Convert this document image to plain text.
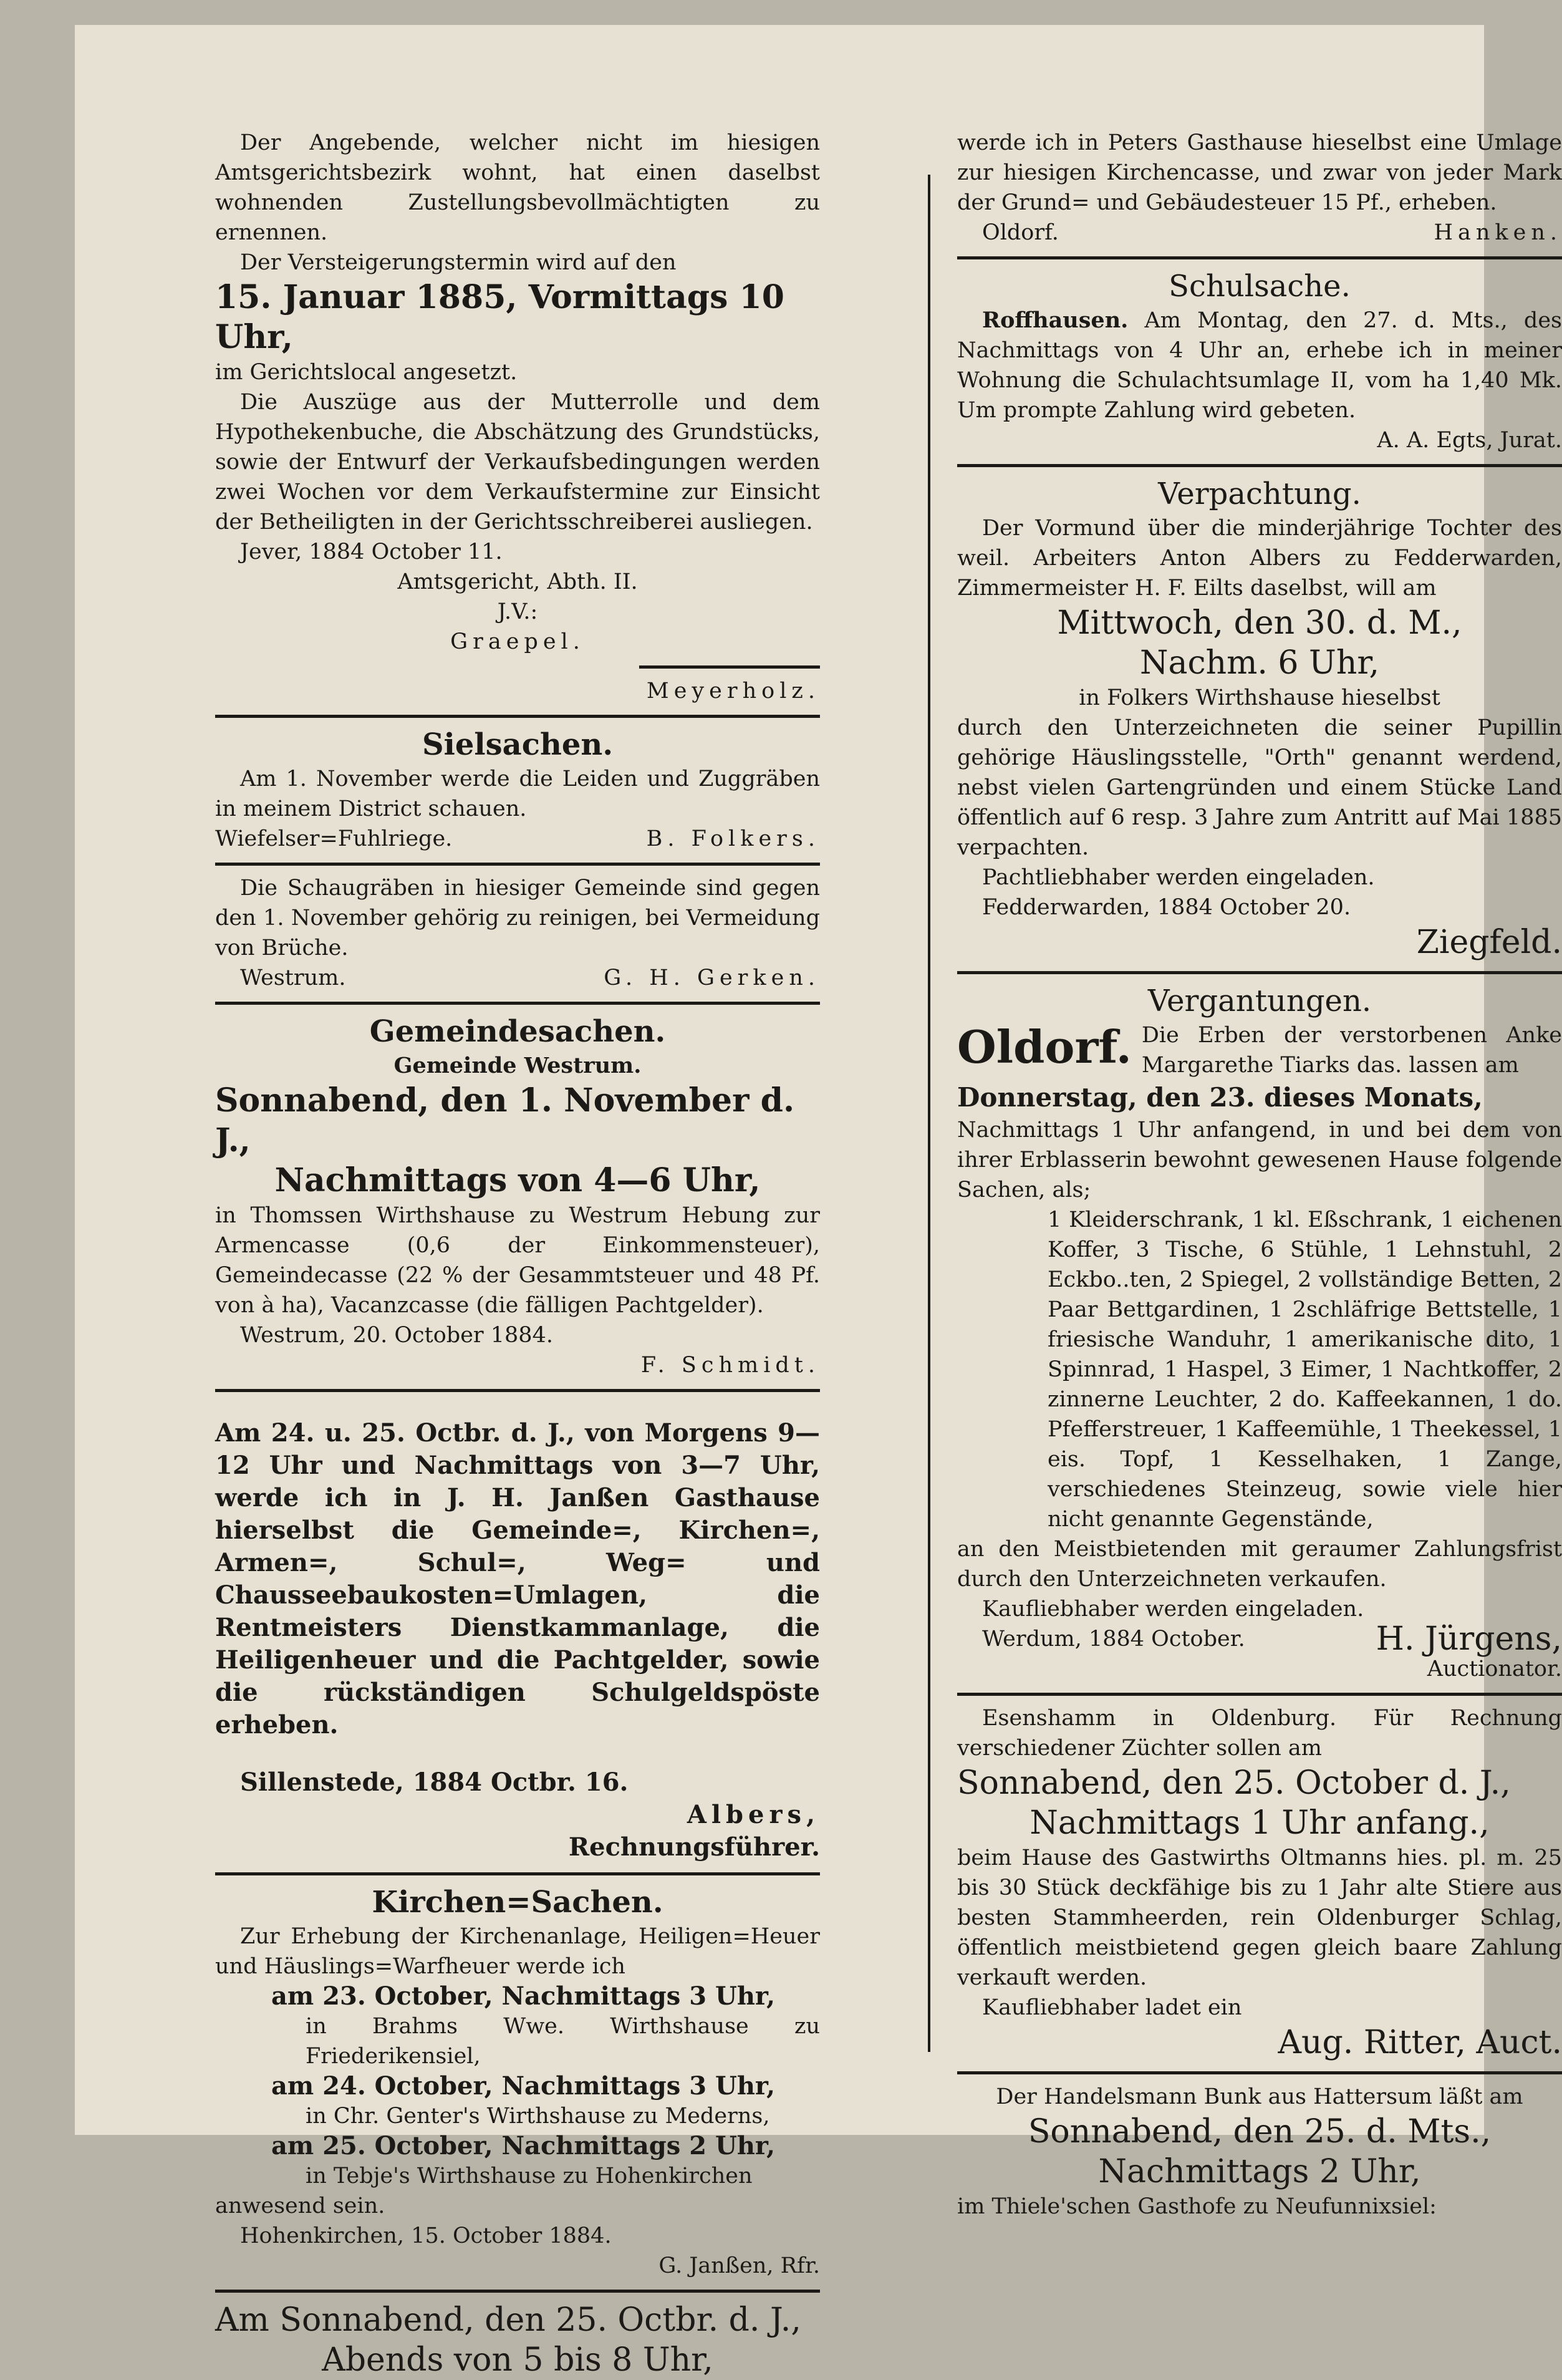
Der Angebende, welcher nicht im hiesigen Amtsgerichtsbezirk wohnt, hat einen daselbst wohnenden Zustellungsbevollmächtigten zu ernennen.

Der Versteigerungstermin wird auf den

15. Januar 1885, Vormittags 10 Uhr,

im Gerichtslocal angesetzt.

Die Auszüge aus der Mutterrolle und dem Hypothekenbuche, die Abschätzung des Grundstücks, sowie der Entwurf der Verkaufsbedingungen werden zwei Wochen vor dem Verkaufstermine zur Einsicht der Betheiligten in der Gerichtsschreiberei ausliegen.

Jever, 1884 October 11.
Amtsgericht, Abth. II.
J.V.:
Graepel.
Meyerholz.
Sielsachen.

Am 1. November werde die Leiden und Zuggräben in meinem District schauen.

Wiefelser=Fuhlriege.	B. Folkers.

Die Schaugräben in hiesiger Gemeinde sind gegen den 1. November gehörig zu reinigen, bei Vermeidung von Brüche.

Westrum.	G. H. Gerken.
Gemeindesachen.
Gemeinde Westrum.
Sonnabend, den 1. November d. J.,
Nachmittags von 4—6 Uhr,

in Thomssen Wirthshause zu Westrum Hebung zur Armencasse (0,6 der Einkommensteuer), Gemeindecasse (22 % der Gesammtsteuer und 48 Pf. von à ha), Vacanzcasse (die fälligen Pachtgelder).

Westrum, 20. October 1884.
F. Schmidt.

Am 24. u. 25. Octbr. d. J., von Morgens 9—12 Uhr und Nachmittags von 3—7 Uhr, werde ich in J. H. Janßen Gasthause hierselbst die Gemeinde=, Kirchen=, Armen=, Schul=, Weg= und Chausseebaukosten=Umlagen, die Rentmeisters Dienstkammanlage, die Heiligenheuer und die Pachtgelder, sowie die rückständigen Schulgeldspöste erheben.

Sillenstede, 1884 Octbr. 16.
Albers,
Rechnungsführer.
Kirchen=Sachen.

Zur Erhebung der Kirchenanlage, Heiligen=Heuer und Häuslings=Warfheuer werde ich

am 23. October, Nachmittags 3 Uhr,
in Brahms Wwe. Wirthshause zu Friederikensiel,
am 24. October, Nachmittags 3 Uhr,
in Chr. Genter's Wirthshause zu Mederns,
am 25. October, Nachmittags 2 Uhr,
in Tebje's Wirthshause zu Hohenkirchen
anwesend sein.
Hohenkirchen, 15. October 1884.
G. Janßen, Rfr.
Am Sonnabend, den 25. Octbr. d. J.,
Abends von 5 bis 8 Uhr,

werde ich in Peters Gasthause hieselbst eine Umlage zur hiesigen Kirchencasse, und zwar von jeder Mark der Grund= und Gebäudesteuer 15 Pf., erheben.

Oldorf.	Hanken.
Schulsache.

Roffhausen. Am Montag, den 27. d. Mts., des Nachmittags von 4 Uhr an, erhebe ich in meiner Wohnung die Schulachtsumlage II, vom ha 1,40 Mk. Um prompte Zahlung wird gebeten.

A. A. Egts, Jurat.
Verpachtung.

Der Vormund über die minderjährige Tochter des weil. Arbeiters Anton Albers zu Fedderwarden, Zimmermeister H. F. Eilts daselbst, will am

Mittwoch, den 30. d. M.,
Nachm. 6 Uhr,
in Folkers Wirthshause hieselbst

durch den Unterzeichneten die seiner Pupillin gehörige Häuslingsstelle, "Orth" genannt werdend, nebst vielen Gartengründen und einem Stücke Land öffentlich auf 6 resp. 3 Jahre zum Antritt auf Mai 1885 verpachten.

Pachtliebhaber werden eingeladen.
Fedderwarden, 1884 October 20.
Ziegfeld.
Vergantungen.
Oldorf. Die Erben der verstorbenen Anke Margarethe Tiarks das. lassen am

Donnerstag, den 23. dieses Monats,

Nachmittags 1 Uhr anfangend, in und bei dem von ihrer Erblasserin bewohnt gewesenen Hause folgende Sachen, als;

1 Kleiderschrank, 1 kl. Eßschrank, 1 eichenen Koffer, 3 Tische, 6 Stühle, 1 Lehnstuhl, 2 Eckbo..ten, 2 Spiegel, 2 vollständige Betten, 2 Paar Bettgardinen, 1 2schläfrige Bettstelle, 1 friesische Wanduhr, 1 amerikanische dito, 1 Spinnrad, 1 Haspel, 3 Eimer, 1 Nachtkoffer, 2 zinnerne Leuchter, 2 do. Kaffeekannen, 1 do. Pfefferstreuer, 1 Kaffeemühle, 1 Theekessel, 1 eis. Topf, 1 Kesselhaken, 1 Zange, verschiedenes Steinzeug, sowie viele hier nicht genannte Gegenstände,

an den Meistbietenden mit geraumer Zahlungsfrist durch den Unterzeichneten verkaufen.

Kaufliebhaber werden eingeladen.
Werdum, 1884 October.	H. Jürgens,
Auctionator.

Esenshamm in Oldenburg. Für Rechnung verschiedener Züchter sollen am

Sonnabend, den 25. October d. J.,
Nachmittags 1 Uhr anfang.,

beim Hause des Gastwirths Oltmanns hies. pl. m. 25 bis 30 Stück deckfähige bis zu 1 Jahr alte Stiere aus besten Stammheerden, rein Oldenburger Schlag, öffentlich meistbietend gegen gleich baare Zahlung verkauft werden.

Kaufliebhaber ladet ein
Aug. Ritter, Auct.
Der Handelsmann Bunk aus Hattersum läßt am
Sonnabend, den 25. d. Mts.,
Nachmittags 2 Uhr,
im Thiele'schen Gasthofe zu Neufunnixsiel:
